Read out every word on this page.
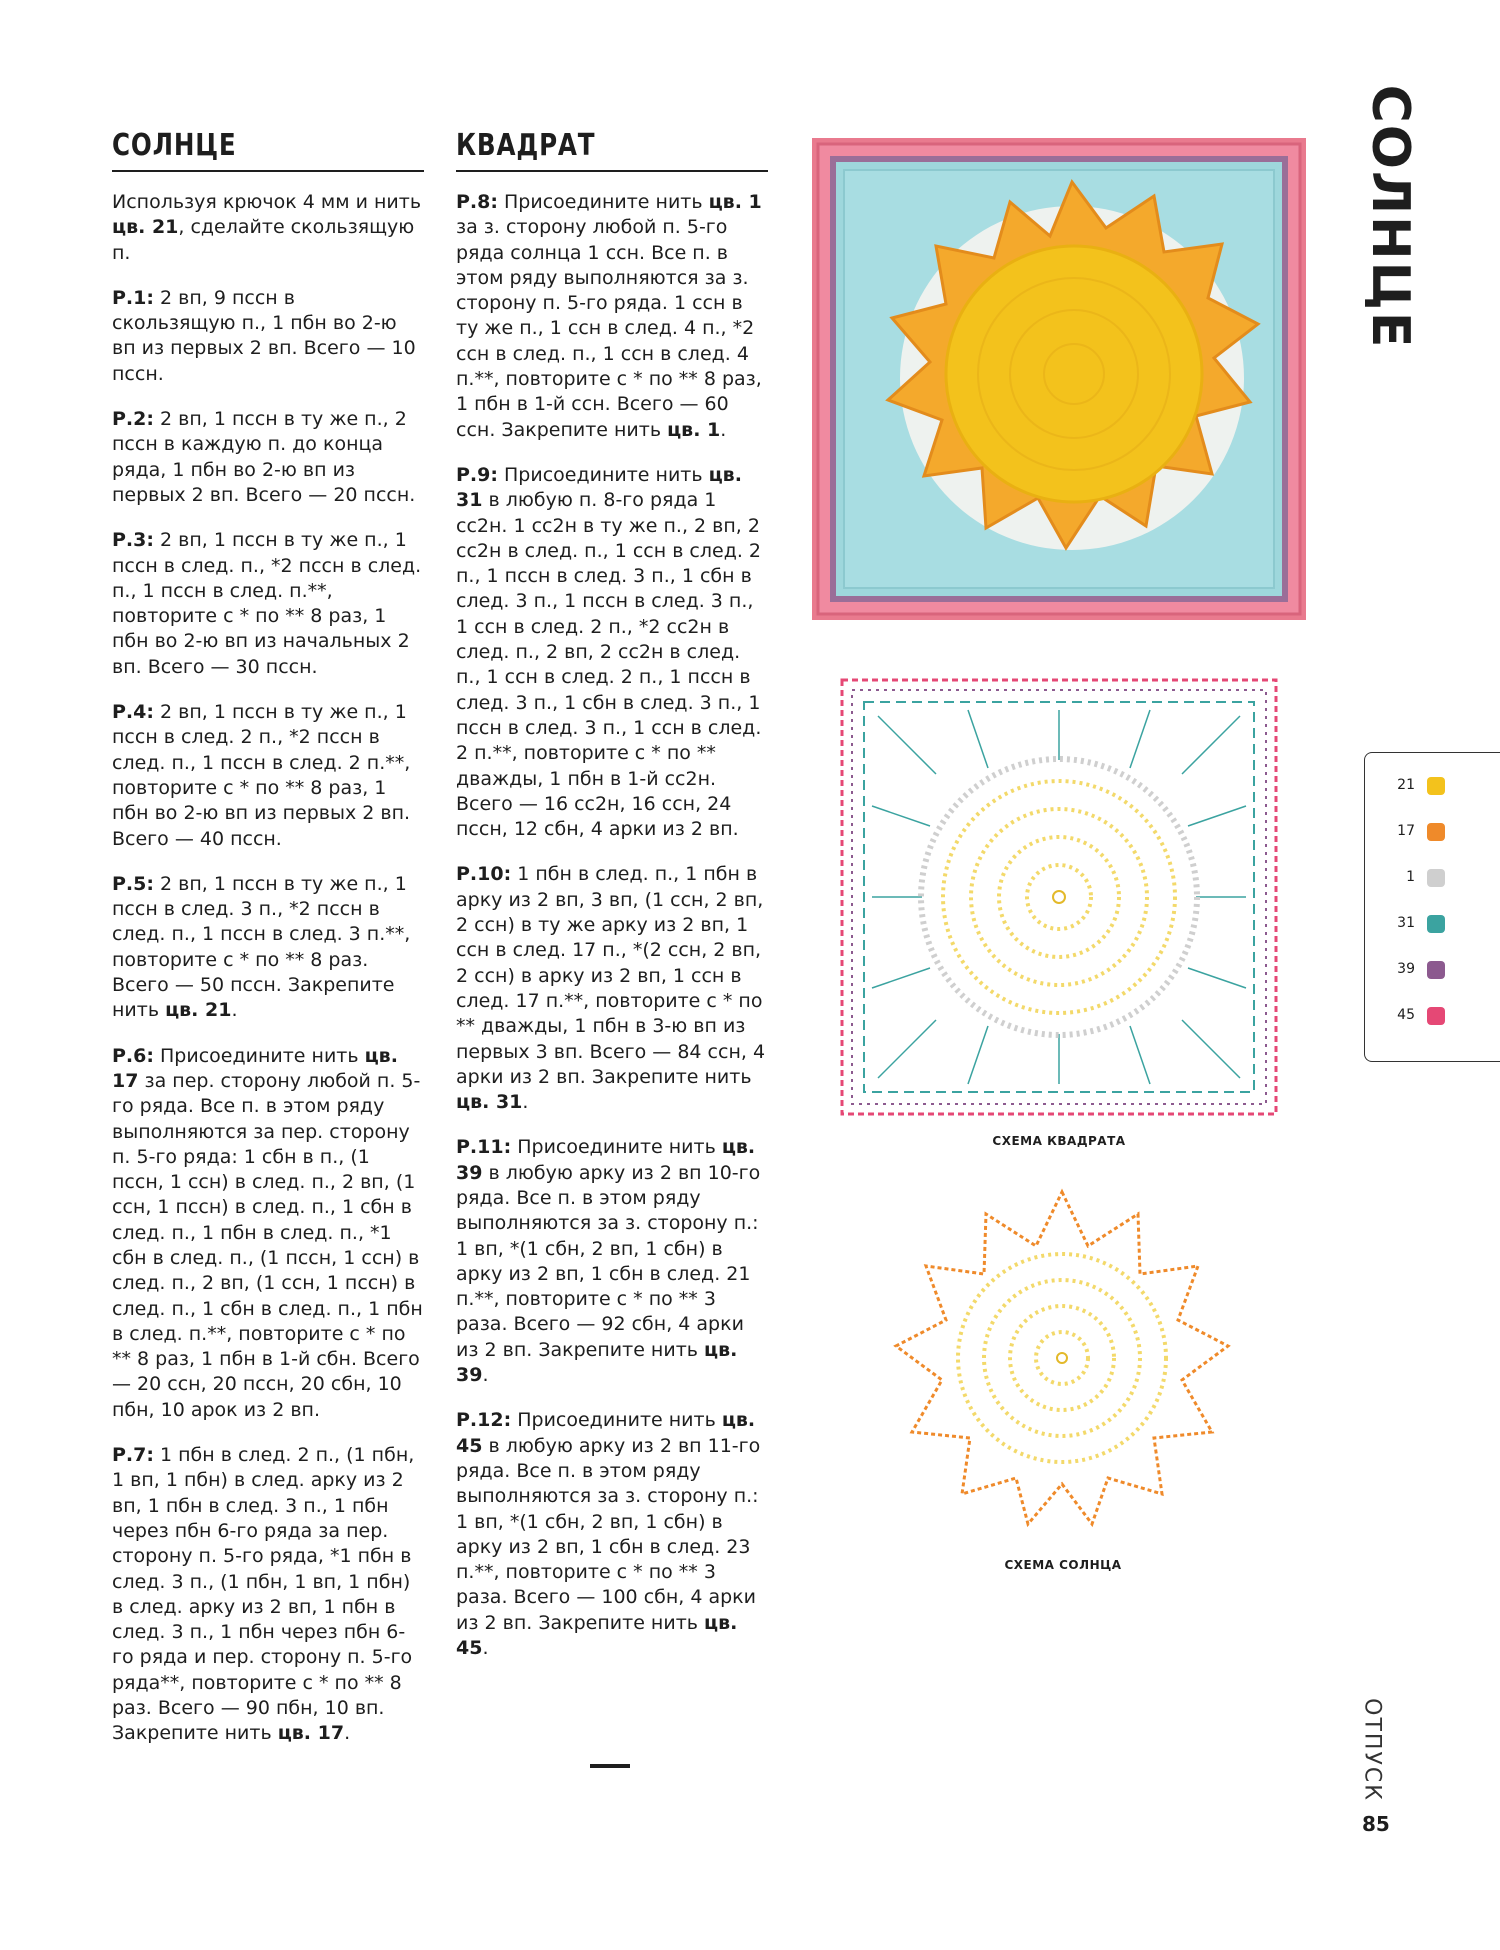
СОЛНЦЕ
Используя крючок 4 мм и нить цв. 21, сделайте скользящую п.
Р.1: 2 вп, 9 пссн в скользящую п., 1 пбн во 2-ю вп из первых 2 вп. Всего — 10 пссн.
Р.2: 2 вп, 1 пссн в ту же п., 2 пссн в каждую п. до конца ряда, 1 пбн во 2-ю вп из первых 2 вп. Всего — 20 пссн.
Р.3: 2 вп, 1 пссн в ту же п., 1 пссн в след. п., *2 пссн в след. п., 1 пссн в след. п.**, повторите с * по ** 8 раз, 1 пбн во 2-ю вп из начальных 2 вп. Всего — 30 пссн.
Р.4: 2 вп, 1 пссн в ту же п., 1 пссн в след. 2 п., *2 пссн в след. п., 1 пссн в след. 2 п.**, повторите с * по ** 8 раз, 1 пбн во 2-ю вп из первых 2 вп. Всего — 40 пссн.
Р.5: 2 вп, 1 пссн в ту же п., 1 пссн в след. 3 п., *2 пссн в след. п., 1 пссн в след. 3 п.**, повторите с * по ** 8 раз. Всего — 50 пссн. Закрепите нить цв. 21.
Р.6: Присоедините нить цв. 17 за пер. сторону любой п. 5-го ряда. Все п. в этом ряду выполняются за пер. сторону п. 5-го ряда: 1 сбн в п., (1 пссн, 1 ссн) в след. п., 2 вп, (1 ссн, 1 пссн) в след. п., 1 сбн в след. п., 1 пбн в след. п., *1 сбн в след. п., (1 пссн, 1 ссн) в след. п., 2 вп, (1 ссн, 1 пссн) в след. п., 1 сбн в след. п., 1 пбн в след. п.**, повторите с * по ** 8 раз, 1 пбн в 1-й сбн. Всего — 20 ссн, 20 пссн, 20 сбн, 10 пбн, 10 арок из 2 вп.
Р.7: 1 пбн в след. 2 п., (1 пбн, 1 вп, 1 пбн) в след. арку из 2 вп, 1 пбн в след. 3 п., 1 пбн через пбн 6-го ряда за пер. сторону п. 5-го ряда, *1 пбн в след. 3 п., (1 пбн, 1 вп, 1 пбн) в след. арку из 2 вп, 1 пбн в след. 3 п., 1 пбн через пбн 6-го ряда и пер. сторону п. 5-го ряда**, повторите с * по ** 8 раз. Всего — 90 пбн, 10 вп. Закрепите нить цв. 17.
КВАДРАТ
Р.8: Присоедините нить цв. 1 за з. сторону любой п. 5-го ряда солнца 1 ссн. Все п. в этом ряду выполняются за з. сторону п. 5-го ряда. 1 ссн в ту же п., 1 ссн в след. 4 п., *2 ссн в след. п., 1 ссн в след. 4 п.**, повторите с * по ** 8 раз, 1 пбн в 1-й ссн. Всего — 60 ссн. Закрепите нить цв. 1.
Р.9: Присоедините нить цв. 31 в любую п. 8-го ряда 1 сс2н. 1 сс2н в ту же п., 2 вп, 2 сс2н в след. п., 1 ссн в след. 2 п., 1 пссн в след. 3 п., 1 сбн в след. 3 п., 1 пссн в след. 3 п., 1 ссн в след. 2 п., *2 сс2н в след. п., 2 вп, 2 сс2н в след. п., 1 ссн в след. 2 п., 1 пссн в след. 3 п., 1 сбн в след. 3 п., 1 пссн в след. 3 п., 1 ссн в след. 2 п.**, повторите с * по ** дважды, 1 пбн в 1-й сс2н. Всего — 16 сс2н, 16 ссн, 24 пссн, 12 сбн, 4 арки из 2 вп.
Р.10: 1 пбн в след. п., 1 пбн в арку из 2 вп, 3 вп, (1 ссн, 2 вп, 2 ссн) в ту же арку из 2 вп, 1 ссн в след. 17 п., *(2 ссн, 2 вп, 2 ссн) в арку из 2 вп, 1 ссн в след. 17 п.**, повторите с * по ** дважды, 1 пбн в 3-ю вп из первых 3 вп. Всего — 84 ссн, 4 арки из 2 вп. Закрепите нить цв. 31.
Р.11: Присоедините нить цв. 39 в любую арку из 2 вп 10-го ряда. Все п. в этом ряду выполняются за з. сторону п.: 1 вп, *(1 сбн, 2 вп, 1 сбн) в арку из 2 вп, 1 сбн в след. 21 п.**, повторите с * по ** 3 раза. Всего — 92 сбн, 4 арки из 2 вп. Закрепите нить цв. 39.
Р.12: Присоедините нить цв. 45 в любую арку из 2 вп 11-го ряда. Все п. в этом ряду выполняются за з. сторону п.: 1 вп, *(1 сбн, 2 вп, 1 сбн) в арку из 2 вп, 1 сбн в след. 23 п.**, повторите с * по ** 3 раза. Всего — 100 сбн, 4 арки из 2 вп. Закрепите нить цв. 45.
СХЕМА КВАДРАТА
СХЕМА СОЛНЦА
СОЛНЦЕ
21
17
1
31
39
45
ОТПУСК
85
